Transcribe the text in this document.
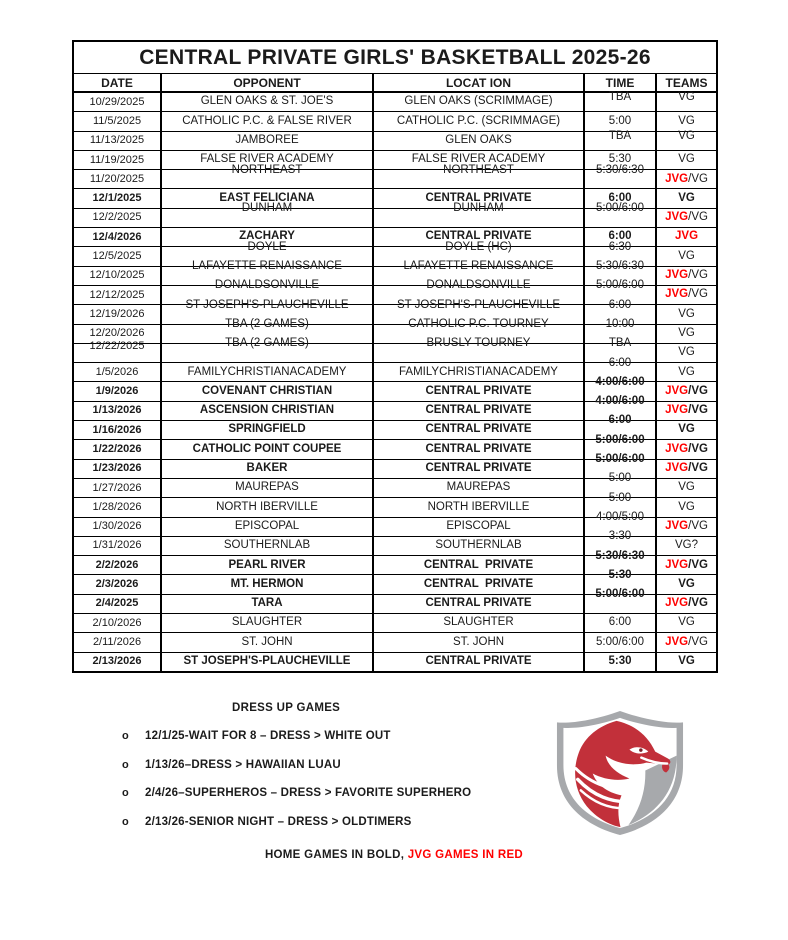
CENTRAL PRIVATE GIRLS' BASKETBALL 2025-26				
DATE	OPPONENT	LOCAT ION	TIME	TEAMS
10/29/2025	GLEN OAKS & ST. JOE'S	GLEN OAKS (SCRIMMAGE)	TBA	VG
11/5/2025	CATHOLIC P.C. & FALSE RIVER	CATHOLIC P.C. (SCRIMMAGE)	5:00	VG
11/13/2025	JAMBOREE	GLEN OAKS	TBA	VG
11/19/2025	FALSE RIVER ACADEMY	FALSE RIVER ACADEMY	5:30	VG
11/20/2025	NORTHEAST	NORTHEAST	5:30/6:30	JVG/VG
12/1/2025	EAST FELICIANA	CENTRAL PRIVATE	6:00	VG
12/2/2025	DUNHAM	DUNHAM	5:00/6:00	JVG/VG
12/4/2026	ZACHARY	CENTRAL PRIVATE	6:00	JVG
12/5/2025	DOYLE	DOYLE (HC)	6:30	VG
12/10/2025	LAFAYETTE RENAISSANCE	LAFAYETTE RENAISSANCE	5:30/6:30	JVG/VG
12/12/2025	DONALDSONVILLE	DONALDSONVILLE	5:00/6:00	JVG/VG
12/19/2026	ST JOSEPH'S-PLAUCHEVILLE	ST JOSEPH'S-PLAUCHEVILLE	6:00	VG
12/20/2026	TBA (2 GAMES)	CATHOLIC P.C. TOURNEY	10:00	VG
12/22/2025	TBA (2 GAMES)	BRUSLY TOURNEY	TBA	VG
1/5/2026	FAMILYCHRISTIANACADEMY	FAMILYCHRISTIANACADEMY	6:00	VG
1/9/2026	COVENANT CHRISTIAN	CENTRAL PRIVATE	4:00/6:00	JVG/VG
1/13/2026	ASCENSION CHRISTIAN	CENTRAL PRIVATE	4:00/6:00	JVG/VG
1/16/2026	SPRINGFIELD	CENTRAL PRIVATE	6:00	VG
1/22/2026	CATHOLIC POINT COUPEE	CENTRAL PRIVATE	5:00/6:00	JVG/VG
1/23/2026	BAKER	CENTRAL PRIVATE	5:00/6:00	JVG/VG
1/27/2026	MAUREPAS	MAUREPAS	5:00	VG
1/28/2026	NORTH IBERVILLE	NORTH IBERVILLE	5:00	VG
1/30/2026	EPISCOPAL	EPISCOPAL	4:00/5:00	JVG/VG
1/31/2026	SOUTHERNLAB	SOUTHERNLAB	3:30	VG?
2/2/2026	PEARL RIVER	CENTRAL  PRIVATE	5:30/6:30	JVG/VG
2/3/2026	MT. HERMON	CENTRAL  PRIVATE	5:30	VG
2/4/2025	TARA	CENTRAL PRIVATE	5:00/6:00	JVG/VG
2/10/2026	SLAUGHTER	SLAUGHTER	6:00	VG
2/11/2026	ST. JOHN	ST. JOHN	5:00/6:00	JVG/VG
2/13/2026	ST JOSEPH'S-PLAUCHEVILLE	CENTRAL PRIVATE	5:30	VG
DRESS UP GAMES
o	12/1/25-WAIT FOR 8 – DRESS > WHITE OUT
o	1/13/26–DRESS > HAWAIIAN LUAU
o	2/4/26–SUPERHEROS – DRESS > FAVORITE SUPERHERO
o	2/13/26-SENIOR NIGHT – DRESS > OLDTIMERS
HOME GAMES IN BOLD, JVG GAMES IN RED
